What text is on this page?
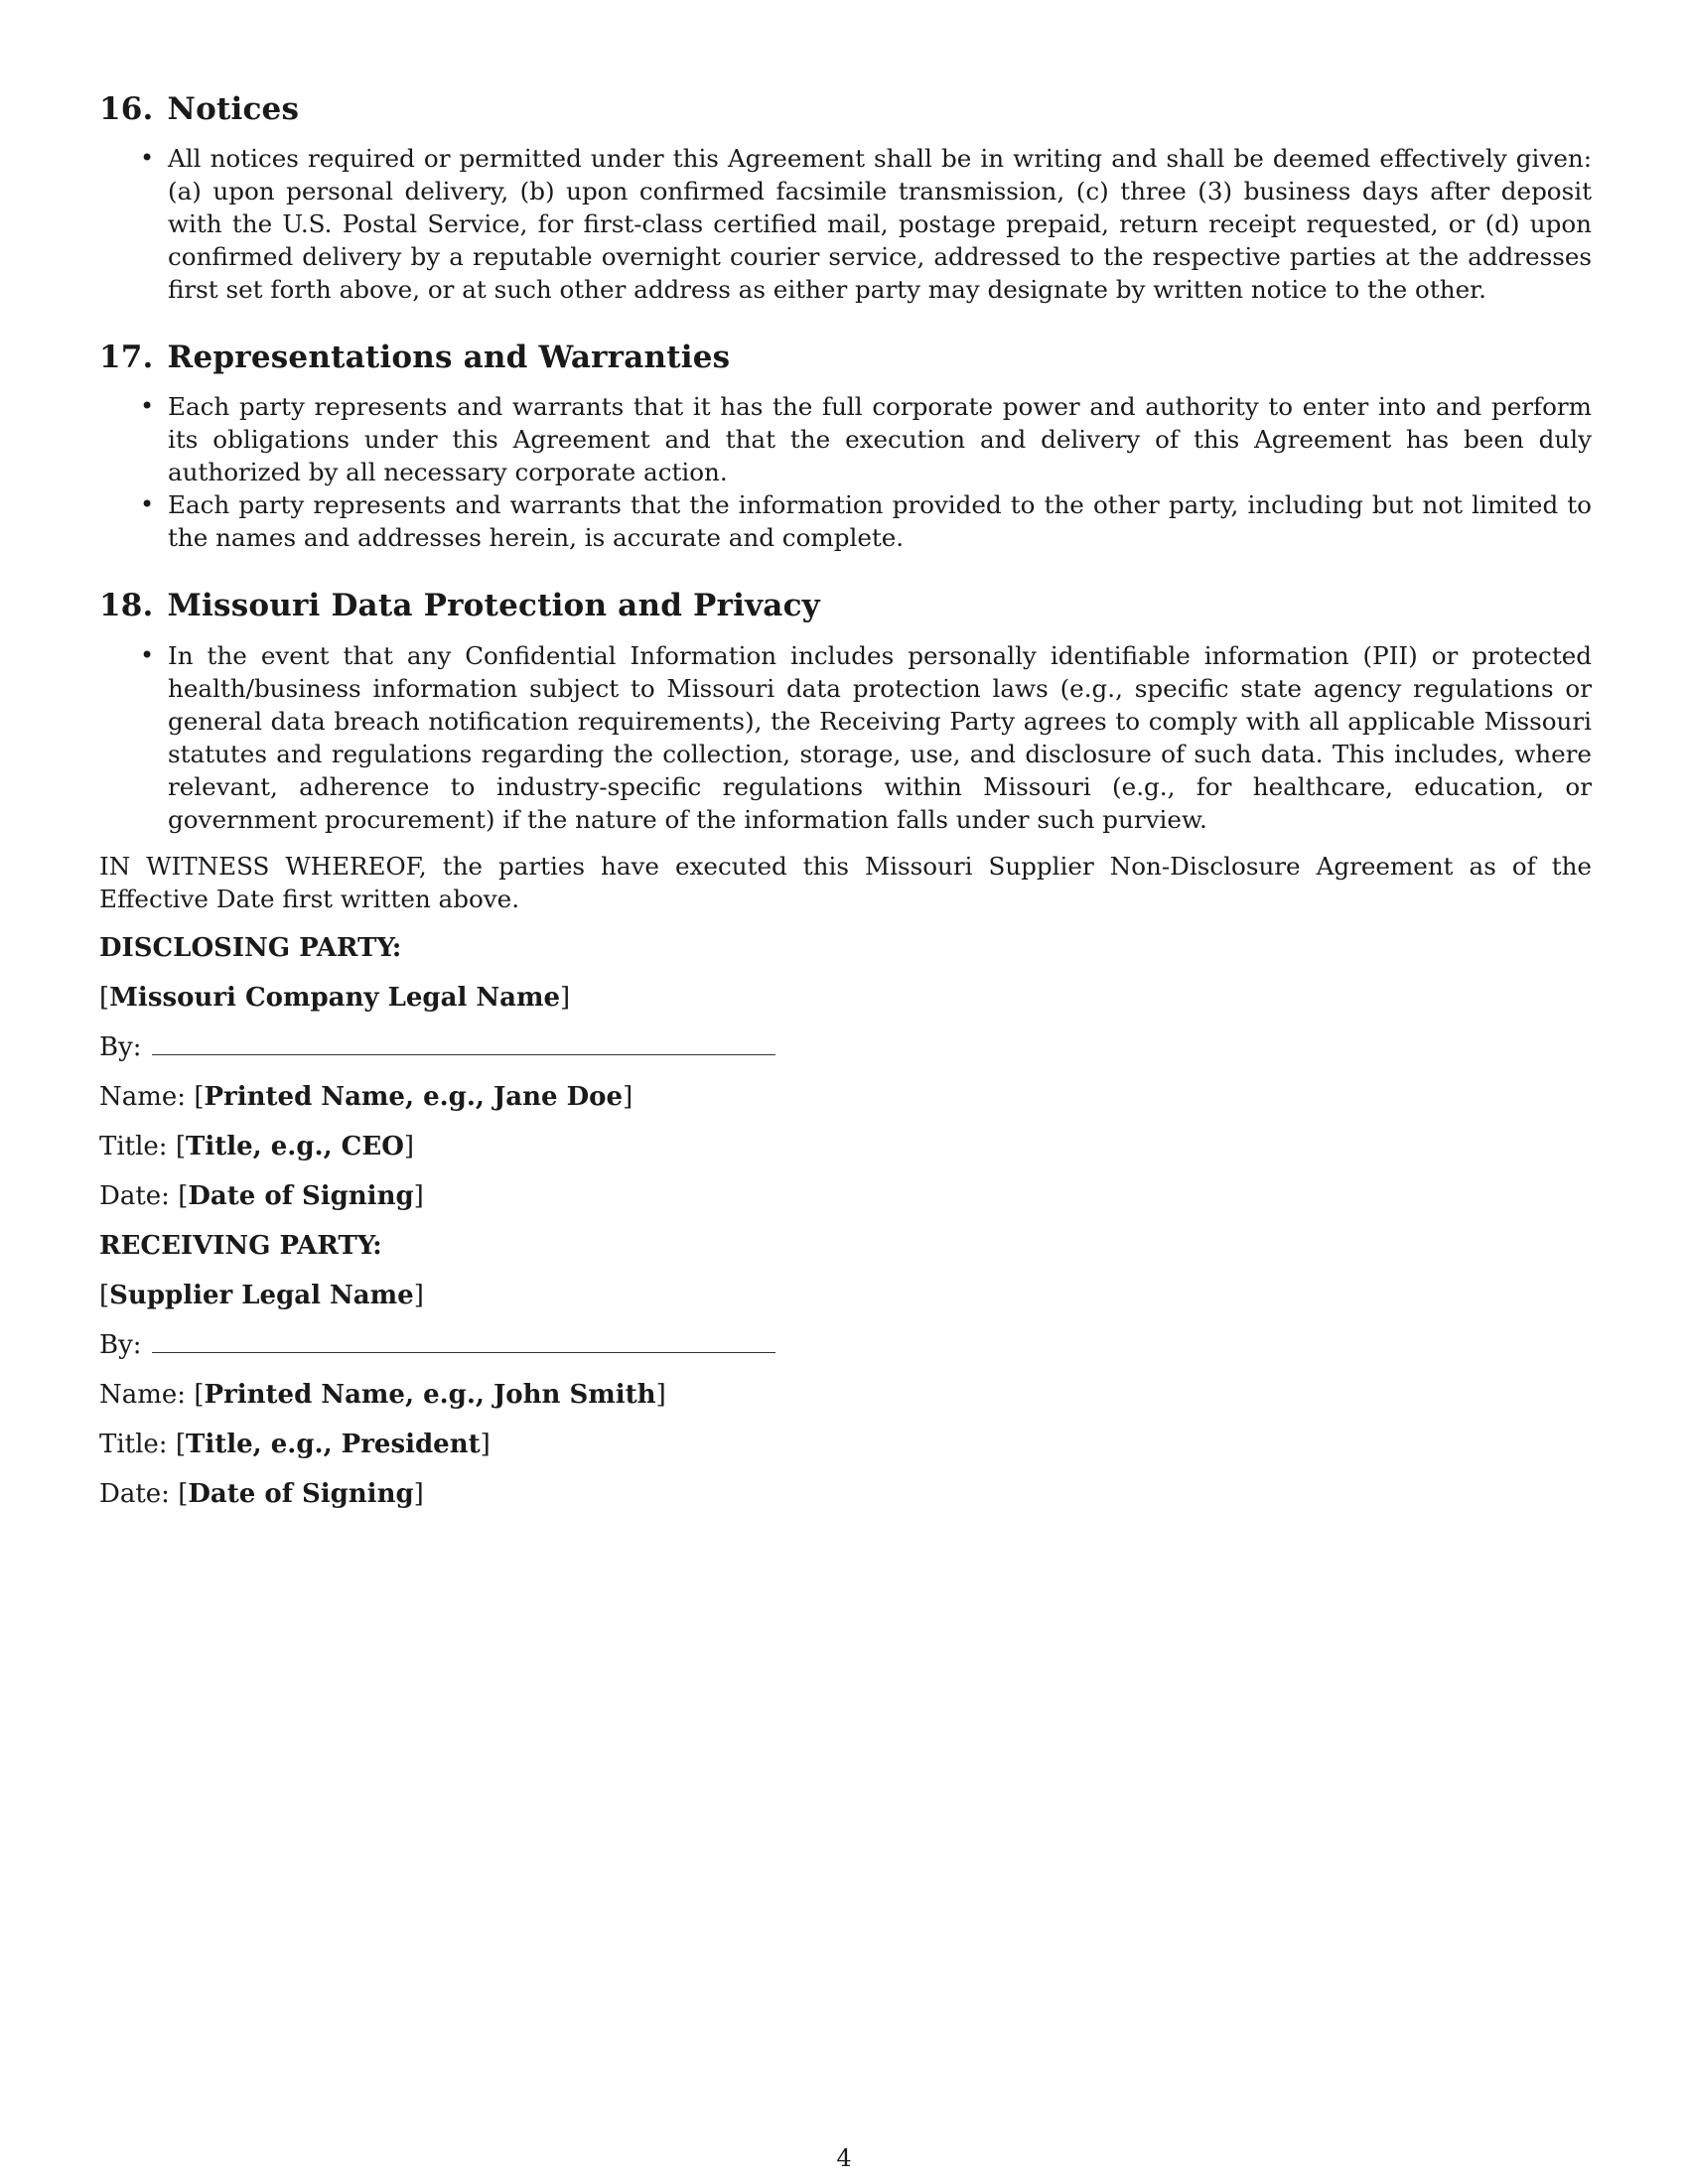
16. Notices
• All notices required or permitted under this Agreement shall be in writing and shall be deemed effectively given: (a) upon personal delivery, (b) upon confirmed facsimile transmission, (c) three (3) business days after deposit with the U.S. Postal Service, for first-class certified mail, postage prepaid, return receipt requested, or (d) upon confirmed delivery by a reputable overnight courier service, addressed to the respective parties at the addresses first set forth above, or at such other address as either party may designate by written notice to the other.
17. Representations and Warranties
• Each party represents and warrants that it has the full corporate power and authority to enter into and perform its obligations under this Agreement and that the execution and delivery of this Agreement has been duly authorized by all necessary corporate action.
• Each party represents and warrants that the information provided to the other party, including but not limited to the names and addresses herein, is accurate and complete.
18. Missouri Data Protection and Privacy
• In the event that any Confidential Information includes personally identifiable information (PII) or protected health/business information subject to Missouri data protection laws (e.g., specific state agency regulations or general data breach notification requirements), the Receiving Party agrees to comply with all applicable Missouri statutes and regulations regarding the collection, storage, use, and disclosure of such data. This includes, where relevant, adherence to industry-specific regulations within Missouri (e.g., for healthcare, education, or government procurement) if the nature of the information falls under such purview.

IN WITNESS WHEREOF, the parties have executed this Missouri Supplier Non-Disclosure Agreement as of the Effective Date first written above.

DISCLOSING PARTY:
[Missouri Company Legal Name]
By:
Name: [Printed Name, e.g., Jane Doe]
Title: [Title, e.g., CEO]
Date: [Date of Signing]
RECEIVING PARTY:
[Supplier Legal Name]
By:
Name: [Printed Name, e.g., John Smith]
Title: [Title, e.g., President]
Date: [Date of Signing]
4
